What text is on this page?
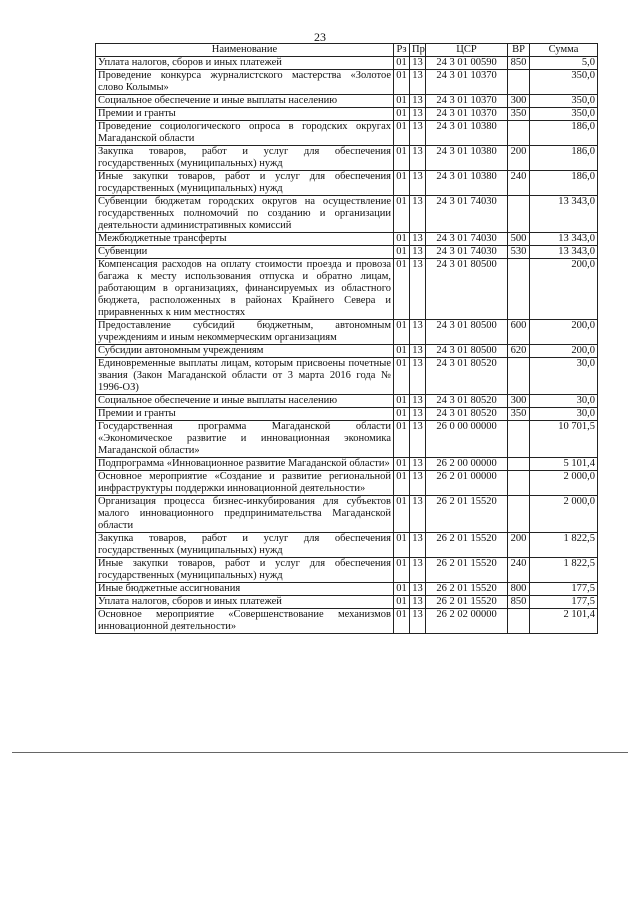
23
Наименование	Рз	Пр	ЦСР	ВР	Сумма
Уплата налогов, сборов и иных платежей	01	13	24 3 01 00590	850	5,0
Проведение конкурса журналистского мастерства «Золотое слово Колымы»	01	13	24 3 01 10370		350,0
Социальное обеспечение и иные выплаты населению	01	13	24 3 01 10370	300	350,0
Премии и гранты	01	13	24 3 01 10370	350	350,0
Проведение социологического опроса в городских округах Магаданской области	01	13	24 3 01 10380		186,0
Закупка товаров, работ и услуг для обеспечения государственных (муниципальных) нужд	01	13	24 3 01 10380	200	186,0
Иные закупки товаров, работ и услуг для обеспечения государственных (муниципальных) нужд	01	13	24 3 01 10380	240	186,0
Субвенции бюджетам городских округов на осуществление государственных полномочий по созданию и организации деятельности административных комиссий	01	13	24 3 01 74030		13 343,0
Межбюджетные трансферты	01	13	24 3 01 74030	500	13 343,0
Субвенции	01	13	24 3 01 74030	530	13 343,0
Компенсация расходов на оплату стоимости проезда и провоза багажа к месту использования отпуска и обратно лицам, работающим в организациях, финансируемых из областного бюджета, расположенных в районах Крайнего Севера и приравненных к ним местностях	01	13	24 3 01 80500		200,0
Предоставление субсидий бюджетным, автономным учреждениям и иным некоммерческим организациям	01	13	24 3 01 80500	600	200,0
Субсидии автономным учреждениям	01	13	24 3 01 80500	620	200,0
Единовременные выплаты лицам, которым присвоены почетные звания (Закон Магаданской области от 3 марта 2016 года № 1996-ОЗ)	01	13	24 3 01 80520		30,0
Социальное обеспечение и иные выплаты населению	01	13	24 3 01 80520	300	30,0
Премии и гранты	01	13	24 3 01 80520	350	30,0
Государственная программа Магаданской области «Экономическое развитие и инновационная экономика Магаданской области»	01	13	26 0 00 00000		10 701,5
Подпрограмма «Инновационное развитие Магаданской области»	01	13	26 2 00 00000		5 101,4
Основное мероприятие «Создание и развитие региональной инфраструктуры поддержки инновационной деятельности»	01	13	26 2 01 00000		2 000,0
Организация процесса бизнес-инкубирования для субъектов малого инновационного предпринимательства Магаданской области	01	13	26 2 01 15520		2 000,0
Закупка товаров, работ и услуг для обеспечения государственных (муниципальных) нужд	01	13	26 2 01 15520	200	1 822,5
Иные закупки товаров, работ и услуг для обеспечения государственных (муниципальных) нужд	01	13	26 2 01 15520	240	1 822,5
Иные бюджетные ассигнования	01	13	26 2 01 15520	800	177,5
Уплата налогов, сборов и иных платежей	01	13	26 2 01 15520	850	177,5
Основное мероприятие «Совершенствование механизмов инновационной деятельности»	01	13	26 2 02 00000		2 101,4
